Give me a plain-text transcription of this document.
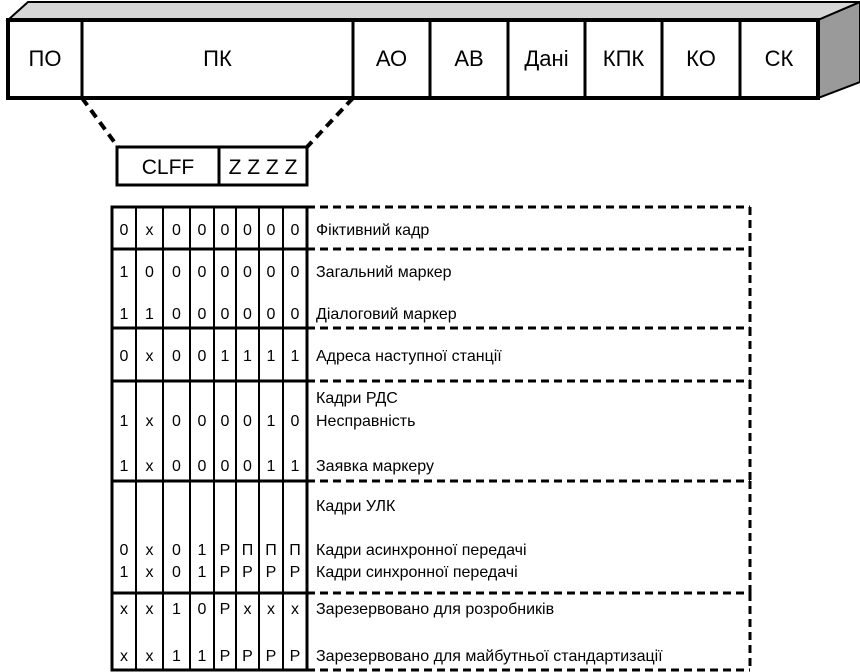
ПО	ПК	АО АВ Дані КПК КО СК
CLFF Z Z Z Z
0 x 0 0 0 0 0 0 Фіктивний кадр
1 0 0 0 0 0 0 0 Загальний маркер
1 1 0 0 0 0 0 0 Діалоговий маркер
0 x 0 0 1 1 1 1 Адреса наступної станції
Кадри РДС
1 x 0 0 0 0 1 0 Несправність
1 x 0 0 0 0 1 1 Заявка маркеру
Кадри УЛК
0 x 0 1 Р П П П Кадри асинхронної передачі
1 x 0 1 Р Р Р Р Кадри синхронної передачі
x x 1 0 Р x x x Зарезервовано для розробників
x x 1 1 Р Р Р Р Зарезервовано для майбутньої стандартизації
